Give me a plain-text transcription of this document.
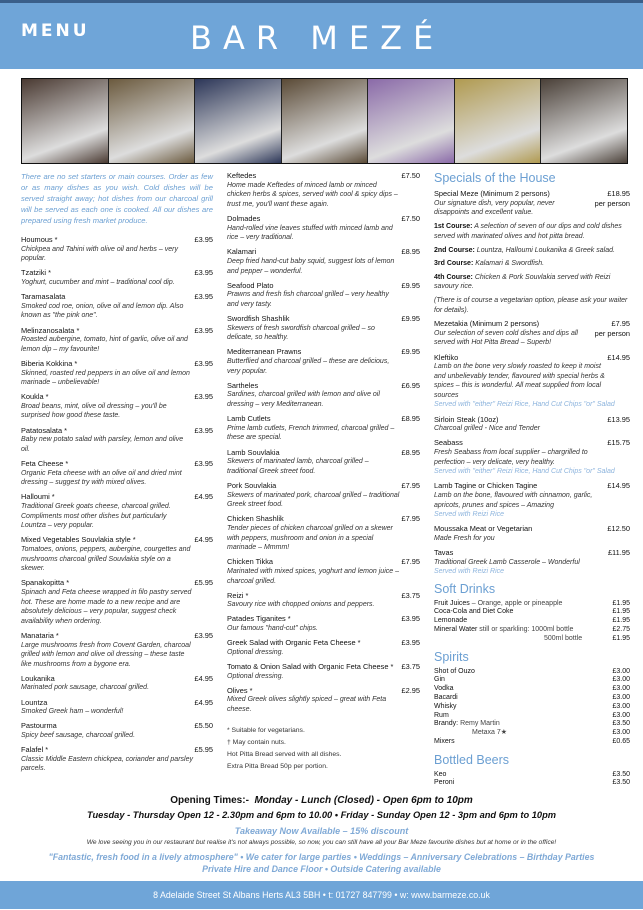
MENU	BAR MEZÉ
There are no set starters or main courses. Order as few or as many dishes as you wish. Cold dishes will be served straight away; hot dishes from our charcoal grill will be served as each one is cooked. All our dishes are prepared using fresh market produce.
Houmous *	£3.95
Chickpea and Tahini with olive oil and herbs – very popular.
Tzatziki *	£3.95
Yoghurt, cucumber and mint – traditional cool dip.
Taramasalata	£3.95
Smoked cod roe, onion, olive oil and lemon dip. Also known as "the pink one".
Melinzanosalata *	£3.95
Roasted aubergine, tomato, hint of garlic, olive oil and lemon dip – my favourite!
Biberia Kokkina *	£3.95
Skinned, roasted red peppers in an olive oil and lemon marinade – unbelievable!
Koukla *	£3.95
Broad beans, mint, olive oil dressing – you'll be surprised how good these taste.
Patatosalata *	£3.95
Baby new potato salad with parsley, lemon and olive oil.
Feta Cheese *	£3.95
Organic Feta cheese with an olive oil and dried mint dressing – suggest try with mixed olives.
Halloumi *	£4.95
Traditional Greek goats cheese, charcoal grilled. Compliments most other dishes but particularly Lountza – very popular.
Mixed Vegetables Souvlakia style *	£4.95
Tomatoes, onions, peppers, aubergine, courgettes and mushrooms charcoal grilled Souvlakia style on a skewer.
Spanakopitta *	£5.95
Spinach and Feta cheese wrapped in filo pastry served hot. These are home made to a new recipe and are absolutely delicious – very popular, suggest check availability when ordering.
Manataria *	£3.95
Large mushrooms fresh from Covent Garden, charcoal grilled with lemon and olive oil dressing – these taste like mushrooms from a bygone era.
Loukanika	£4.95
Marinated pork sausage, charcoal grilled.
Lountza	£4.95
Smoked Greek ham – wonderful!
Pastourma	£5.50
Spicy beef sausage, charcoal grilled.
Falafel *	£5.95
Classic Middle Eastern chickpea, coriander and parsley parcels.
Keftedes	£7.50
Home made Keftedes of minced lamb or minced chicken herbs & spices, served with cool & spicy dips – trust me, you'll want these again.
Dolmades	£7.50
Hand-rolled vine leaves stuffed with minced lamb and rice – very traditional.
Kalamari	£8.95
Deep fried hand-cut baby squid, suggest lots of lemon and pepper – wonderful.
Seafood Plato	£9.95
Prawns and fresh fish charcoal grilled – very healthy and very tasty.
Swordfish Shashlik	£9.95
Skewers of fresh swordfish charcoal grilled – so delicate, so healthy.
Mediterranean Prawns	£9.95
Butterflied and charcoal grilled – these are delicious, very popular.
Sartheles	£6.95
Sardines, charcoal grilled with lemon and olive oil dressing – very Mediterranean.
Lamb Cutlets	£8.95
Prime lamb cutlets, French trimmed, charcoal grilled – these are special.
Lamb Souvlakia	£8.95
Skewers of marinated lamb, charcoal grilled – traditional Greek street food.
Pork Souvlakia	£7.95
Skewers of marinated pork, charcoal grilled – traditional Greek street food.
Chicken Shashlik	£7.95
Tender pieces of chicken charcoal grilled on a skewer with peppers, mushroom and onion in a special marinade – Mmmm!
Chicken Tikka	£7.95
Marinated with mixed spices, yoghurt and lemon juice – charcoal grilled.
Reizi *	£3.75
Savoury rice with chopped onions and peppers.
Patades Tiganites *	£3.95
Our famous "hand-cut" chips.
Greek Salad with Organic Feta Cheese *	£3.95
Optional dressing.
Tomato & Onion Salad with Organic Feta Cheese * £3.75
Optional dressing.
Olives *	£2.95
Mixed Greek olives slightly spiced – great with Feta cheese.
* Suitable for vegetarians.
† May contain nuts.
Hot Pitta Bread served with all dishes.
Extra Pitta Bread 50p per portion.
Specials of the House
Special Meze (Minimum 2 persons)	£18.95
Our signature dish, very popular, never disappoints and excellent value.
per person
1st Course: A selection of seven of our dips and cold dishes served with marinated olives and hot pitta bread.
2nd Course: Lountza, Halloumi Loukanika & Greek salad.
3rd Course: Kalamari & Swordfish.
4th Course: Chicken & Pork Souvlakia served with Reizi savoury rice.
(There is of course a vegetarian option, please ask your waiter for details).
Mezetakia (Minimum 2 persons)	£7.95
Our selection of seven cold dishes and dips all served with Hot Pitta Bread – Superb!
per person
Kleftiko	£14.95
Lamb on the bone very slowly roasted to keep it moist and unbelievably tender, flavoured with special herbs & spices – this is wonderful. All meat supplied from local sources
Served with "either" Reizi Rice, Hand Cut Chips "or" Salad
Sirloin Steak (10oz)	£13.95
Charcoal grilled - Nice and Tender
Seabass	£15.75
Fresh Seabass from local supplier – chargrilled to perfection – very delicate, very healthy.
Served with "either" Reizi Rice, Hand Cut Chips "or" Salad
Lamb Tagine or Chicken Tagine	£14.95
Lamb on the bone, flavoured with cinnamon, garlic, apricots, prunes and spices – Amazing
Served with Reizi Rice
Moussaka Meat or Vegetarian	£12.50
Made Fresh for you
Tavas	£11.95
Traditional Greek Lamb Casserole – Wonderful
Served with Reizi Rice
Soft Drinks
Fruit Juices – Orange, apple or pineapple	£1.95
Coca-Cola and Diet Coke	£1.95
Lemonade	£1.95
Mineral Water still or sparkling: 1000ml bottle	£2.75
500ml bottle	£1.95
Spirits
Shot of Ouzo	£3.00
Gin	£3.00
Vodka	£3.00
Bacardi	£3.00
Whisky	£3.00
Rum	£3.00
Brandy: Remy Martin	£3.50
Metaxa 7★	£3.00
Mixers	£0.65
Bottled Beers
Keo	£3.50
Peroni	£3.50
Opening Times:- Monday - Lunch (Closed) - Open 6pm to 10pm
Tuesday - Thursday Open 12 - 2.30pm and 6pm to 10.00 • Friday - Sunday Open 12 - 3pm and 6pm to 10pm
Takeaway Now Available – 15% discount
We love seeing you in our restaurant but realise it's not always possible, so now, you can still have all your Bar Meze favourite dishes but at home or in the office!
"Fantastic, fresh food in a lively atmosphere" • We cater for large parties • Weddings – Anniversary Celebrations – Birthday Parties
Private Hire and Dance Floor • Outside Catering available
8 Adelaide Street St Albans Herts AL3 5BH • t: 01727 847799 • w: www.barmeze.co.uk
